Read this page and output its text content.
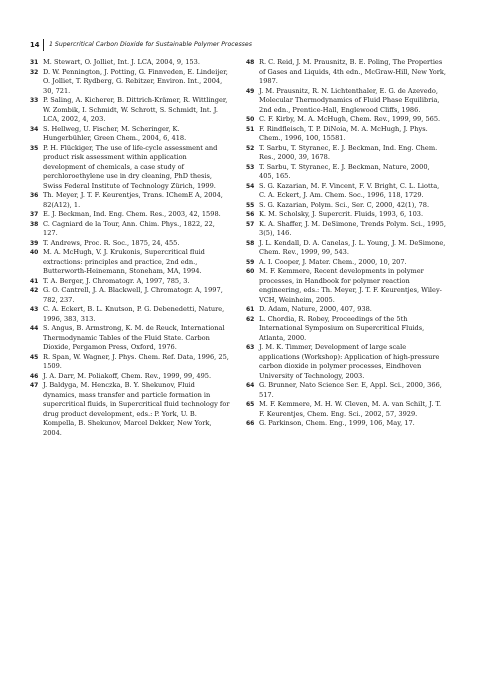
14 1 Supercritical Carbon Dioxide for Sustainable Polymer Processes
31 M. Stewart, O. Jolliet, Int. J. LCA, 2004, 9, 153.
32 D. W. Pennington, J. Potting, G. Finnveden, E. Lindeijer, O. Jolliet, T. Rydberg, G. Rebitzer, Environ. Int., 2004, 30, 721.
33 P. Saling, A. Kicherer, B. Dittrich-Krämer, R. Wittlinger, W. Zombik, I. Schmidt, W. Schrott, S. Schmidt, Int. J. LCA, 2002, 4, 203.
34 S. Hellweg, U. Fischer, M. Scheringer, K. Hungerbühler, Green Chem., 2004, 6, 418.
35 P. H. Flückiger, The use of life-cycle assessment and product risk assessment within application development of chemicals, a case study of perchloroethylene use in dry cleaning, PhD thesis, Swiss Federal Institute of Technology Zürich, 1999.
36 Th. Meyer, J. T. F. Keurentjes, Trans. IChemE A, 2004, 82(A12), 1.
37 E. J. Beckman, Ind. Eng. Chem. Res., 2003, 42, 1598.
38 C. Cagniard de la Tour, Ann. Chim. Phys., 1822, 22, 127.
39 T. Andrews, Proc. R. Soc., 1875, 24, 455.
40 M. A. McHugh, V. J. Krukonis, Supercritical fluid extractions: principles and practice, 2nd edn., Butterworth-Heinemann, Stoneham, MA, 1994.
41 T. A. Berger, J. Chromatogr. A, 1997, 785, 3.
42 G. O. Cantrell, J. A. Blackwell, J. Chromatogr. A, 1997, 782, 237.
43 C. A. Eckert, B. L. Knutson, P. G. Debenedetti, Nature, 1996, 383, 313.
44 S. Angus, B. Armstrong, K. M. de Reuck, International Thermodynamic Tables of the Fluid State. Carbon Dioxide, Pergamon Press, Oxford, 1976.
45 R. Span, W. Wagner, J. Phys. Chem. Ref. Data, 1996, 25, 1509.
46 J. A. Darr, M. Poliakoff, Chem. Rev., 1999, 99, 495.
47 J. Baldyga, M. Henczka, B. Y. Shekunov, Fluid dynamics, mass transfer and particle formation in supercritical fluids, in Supercritical fluid technology for drug product development, eds.: P. York, U. B. Kompella, B. Shekunov, Marcel Dekker, New York, 2004.
48 R. C. Reid, J. M. Prausnitz, B. E. Poling, The Properties of Gases and Liquids, 4th edn., McGraw-Hill, New York, 1987.
49 J. M. Prausnitz, R. N. Lichtenthaler, E. G. de Azevedo, Molecular Thermodynamics of Fluid Phase Equilibria, 2nd edn., Prentice-Hall, Englewood Cliffs, 1986.
50 C. F. Kirby, M. A. McHugh, Chem. Rev., 1999, 99, 565.
51 F. Rindfleisch, T. P. DiNoia, M. A. McHugh, J. Phys. Chem., 1996, 100, 15581.
52 T. Sarbu, T. Styranec, E. J. Beckman, Ind. Eng. Chem. Res., 2000, 39, 1678.
53 T. Sarbu, T. Styranec, E. J. Beckman, Nature, 2000, 405, 165.
54 S. G. Kazarian, M. F. Vincent, F. V. Bright, C. L. Liotta, C. A. Eckert, J. Am. Chem. Soc., 1996, 118, 1729.
55 S. G. Kazarian, Polym. Sci., Ser. C, 2000, 42(1), 78.
56 K. M. Scholsky, J. Supercrit. Fluids, 1993, 6, 103.
57 K. A. Shaffer, J. M. DeSimone, Trends Polym. Sci., 1995, 3(5), 146.
58 J. L. Kendall, D. A. Canelas, J. L. Young, J. M. DeSimone, Chem. Rev., 1999, 99, 543.
59 A. I. Cooper, J. Mater. Chem., 2000, 10, 207.
60 M. F. Kemmere, Recent developments in polymer processes, in Handbook for polymer reaction engineering, eds.: Th. Meyer, J. T. F. Keurentjes, Wiley-VCH, Weinheim, 2005.
61 D. Adam, Nature, 2000, 407, 938.
62 L. Chordia, R. Robey, Proceedings of the 5th International Symposium on Supercritical Fluids, Atlanta, 2000.
63 J. M. K. Timmer, Development of large scale applications (Workshop): Application of high-pressure carbon dioxide in polymer processes, Eindhoven University of Technology, 2003.
64 G. Brunner, Nato Science Ser. E, Appl. Sci., 2000, 366, 517.
65 M. F. Kemmere, M. H. W. Cleven, M. A. van Schilt, J. T. F. Keurentjes, Chem. Eng. Sci., 2002, 57, 3929.
66 G. Parkinson, Chem. Eng., 1999, 106, May, 17.
